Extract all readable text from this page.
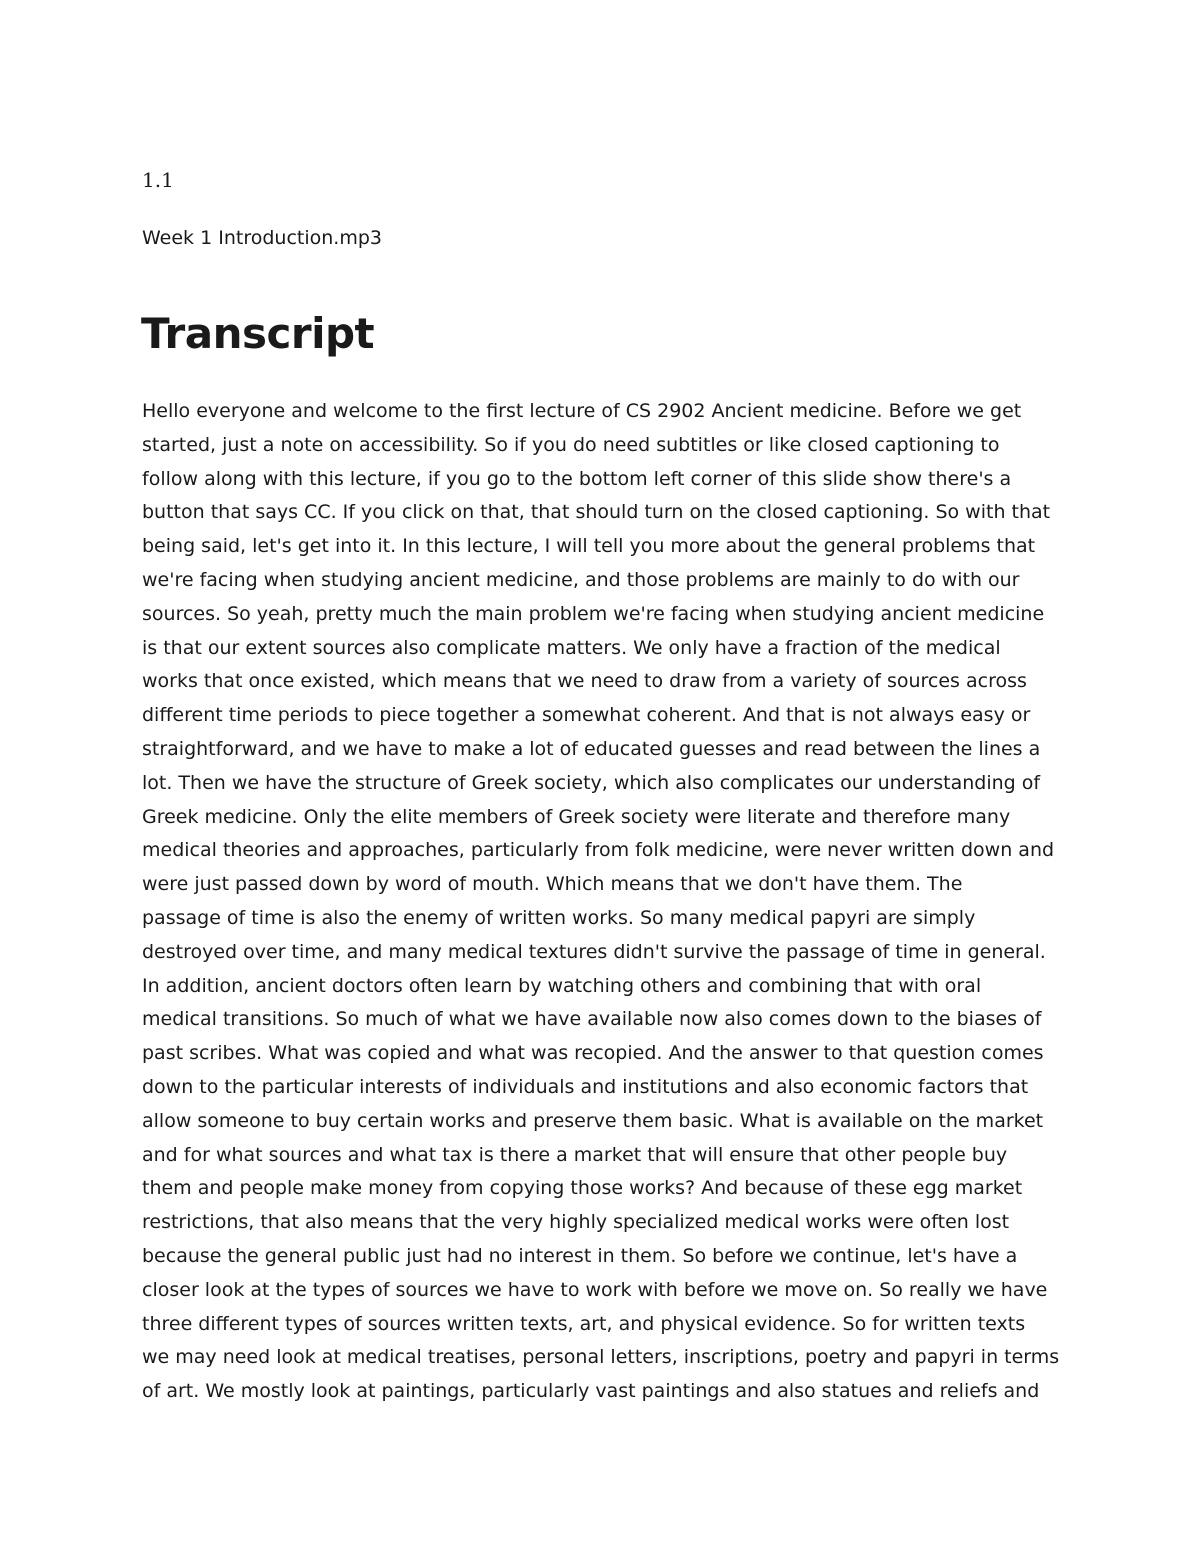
1.1

Week 1 Introduction.mp3

Transcript
Hello everyone and welcome to the first lecture of CS 2902 Ancient medicine. Before we get
started, just a note on accessibility. So if you do need subtitles or like closed captioning to
follow along with this lecture, if you go to the bottom left corner of this slide show there's a
button that says CC. If you click on that, that should turn on the closed captioning. So with that
being said, let's get into it. In this lecture, I will tell you more about the general problems that
we're facing when studying ancient medicine, and those problems are mainly to do with our
sources. So yeah, pretty much the main problem we're facing when studying ancient medicine
is that our extent sources also complicate matters. We only have a fraction of the medical
works that once existed, which means that we need to draw from a variety of sources across
different time periods to piece together a somewhat coherent. And that is not always easy or
straightforward, and we have to make a lot of educated guesses and read between the lines a
lot. Then we have the structure of Greek society, which also complicates our understanding of
Greek medicine. Only the elite members of Greek society were literate and therefore many
medical theories and approaches, particularly from folk medicine, were never written down and
were just passed down by word of mouth. Which means that we don't have them. The
passage of time is also the enemy of written works. So many medical papyri are simply
destroyed over time, and many medical textures didn't survive the passage of time in general.
In addition, ancient doctors often learn by watching others and combining that with oral
medical transitions. So much of what we have available now also comes down to the biases of
past scribes. What was copied and what was recopied. And the answer to that question comes
down to the particular interests of individuals and institutions and also economic factors that
allow someone to buy certain works and preserve them basic. What is available on the market
and for what sources and what tax is there a market that will ensure that other people buy
them and people make money from copying those works? And because of these egg market
restrictions, that also means that the very highly specialized medical works were often lost
because the general public just had no interest in them. So before we continue, let's have a
closer look at the types of sources we have to work with before we move on. So really we have
three different types of sources written texts, art, and physical evidence. So for written texts
we may need look at medical treatises, personal letters, inscriptions, poetry and papyri in terms
of art. We mostly look at paintings, particularly vast paintings and also statues and reliefs and
